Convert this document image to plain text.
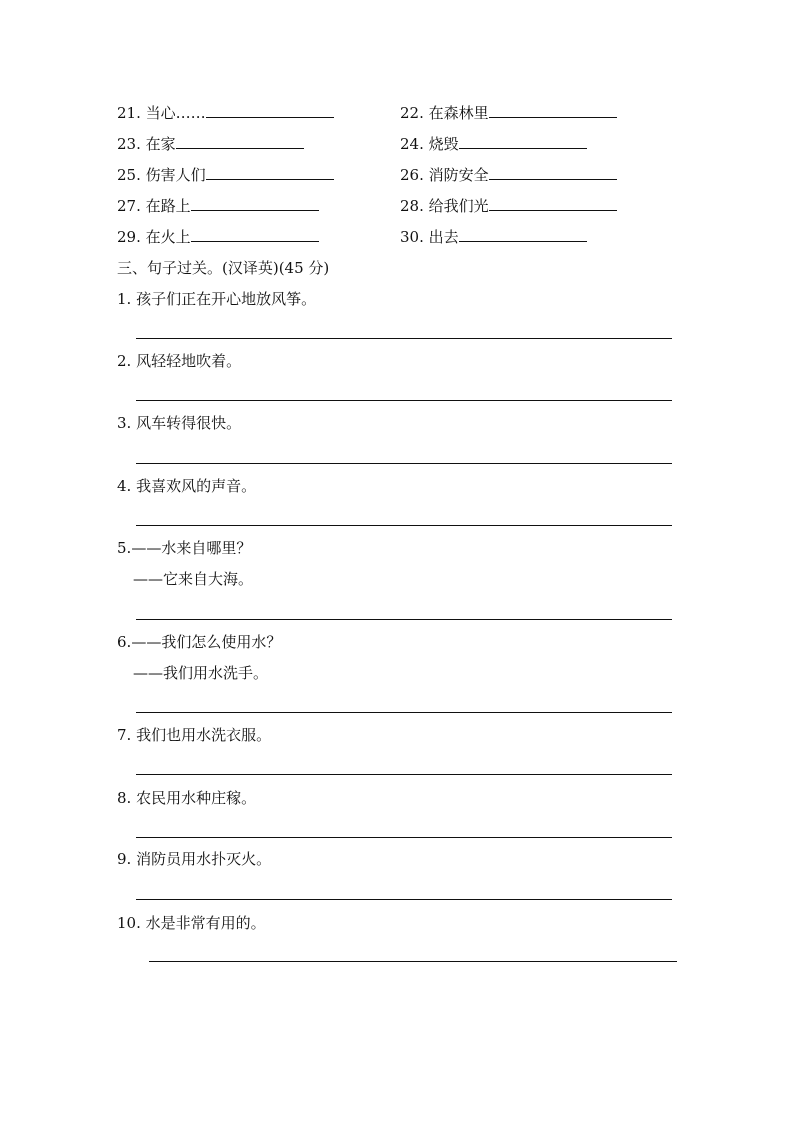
21. 当心……	22. 在森林里
23. 在家	24. 烧毁
25. 伤害人们	26. 消防安全
27. 在路上	28. 给我们光
29. 在火上	30. 出去
三、句子过关。(汉译英)(45 分)
1. 孩子们正在开心地放风筝。
2. 风轻轻地吹着。
3. 风车转得很快。
4. 我喜欢风的声音。
5.——水来自哪里？
——它来自大海。
6.——我们怎么使用水？
——我们用水洗手。
7. 我们也用水洗衣服。
8. 农民用水种庄稼。
9. 消防员用水扑灭火。
10. 水是非常有用的。
